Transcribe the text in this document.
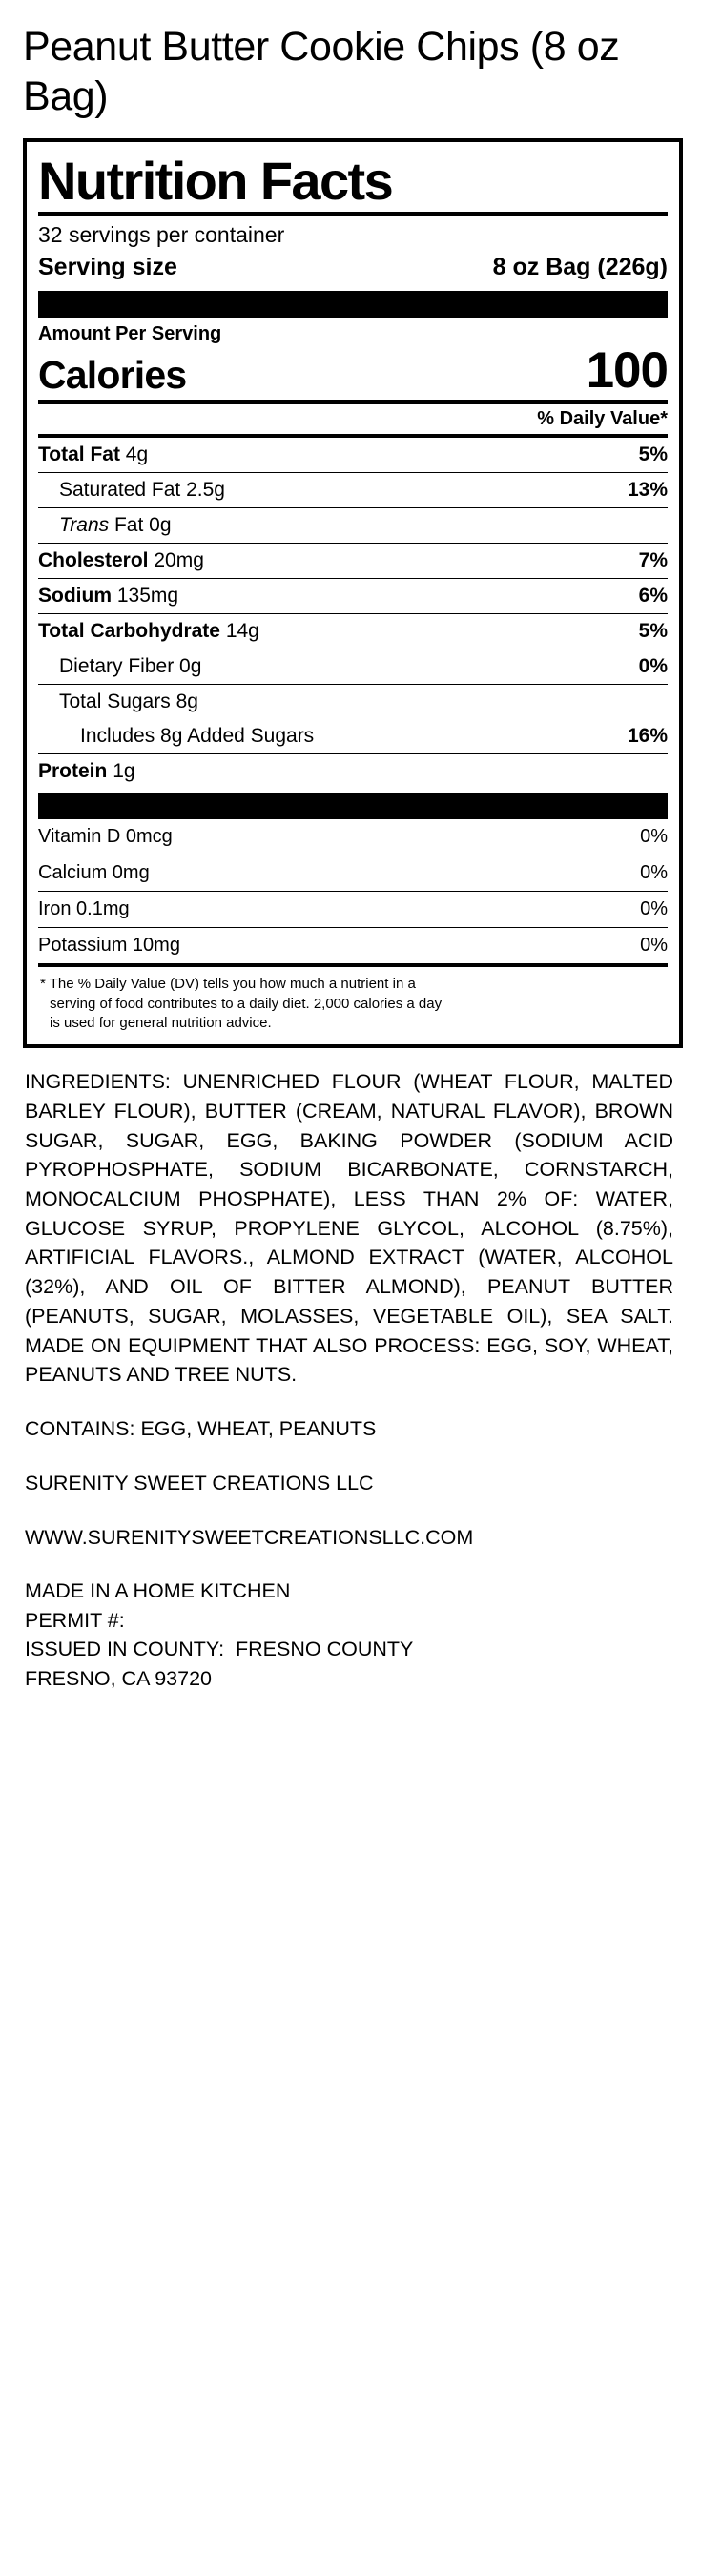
Peanut Butter Cookie Chips (8 oz Bag)
Nutrition Facts
32 servings per container
Serving size	8 oz Bag (226g)
Amount Per Serving
Calories	100
% Daily Value*
Total Fat 4g	5%
Saturated Fat 2.5g	13%
Trans Fat 0g
Cholesterol 20mg	7%
Sodium 135mg	6%
Total Carbohydrate 14g	5%
Dietary Fiber 0g	0%
Total Sugars 8g
Includes 8g Added Sugars	16%
Protein 1g
Vitamin D 0mcg	0%
Calcium 0mg	0%
Iron 0.1mg	0%
Potassium 10mg	0%
* The % Daily Value (DV) tells you how much a nutrient in a
serving of food contributes to a daily diet. 2,000 calories a day
is used for general nutrition advice.
INGREDIENTS: UNENRICHED FLOUR (WHEAT FLOUR, MALTED BARLEY FLOUR), BUTTER (CREAM, NATURAL FLAVOR), BROWN SUGAR, SUGAR, EGG, BAKING POWDER (SODIUM ACID PYROPHOSPHATE, SODIUM BICARBONATE, CORNSTARCH, MONOCALCIUM PHOSPHATE), LESS THAN 2% OF: WATER, GLUCOSE SYRUP, PROPYLENE GLYCOL, ALCOHOL (8.75%), ARTIFICIAL FLAVORS., ALMOND EXTRACT (WATER, ALCOHOL (32%), AND OIL OF BITTER ALMOND), PEANUT BUTTER (PEANUTS, SUGAR, MOLASSES, VEGETABLE OIL), SEA SALT. MADE ON EQUIPMENT THAT ALSO PROCESS: EGG, SOY, WHEAT, PEANUTS AND TREE NUTS.
CONTAINS: EGG, WHEAT, PEANUTS
SURENITY SWEET CREATIONS LLC
WWW.SURENITYSWEETCREATIONSLLC.COM
MADE IN A HOME KITCHEN
PERMIT #:
ISSUED IN COUNTY:  FRESNO COUNTY
FRESNO, CA 93720
